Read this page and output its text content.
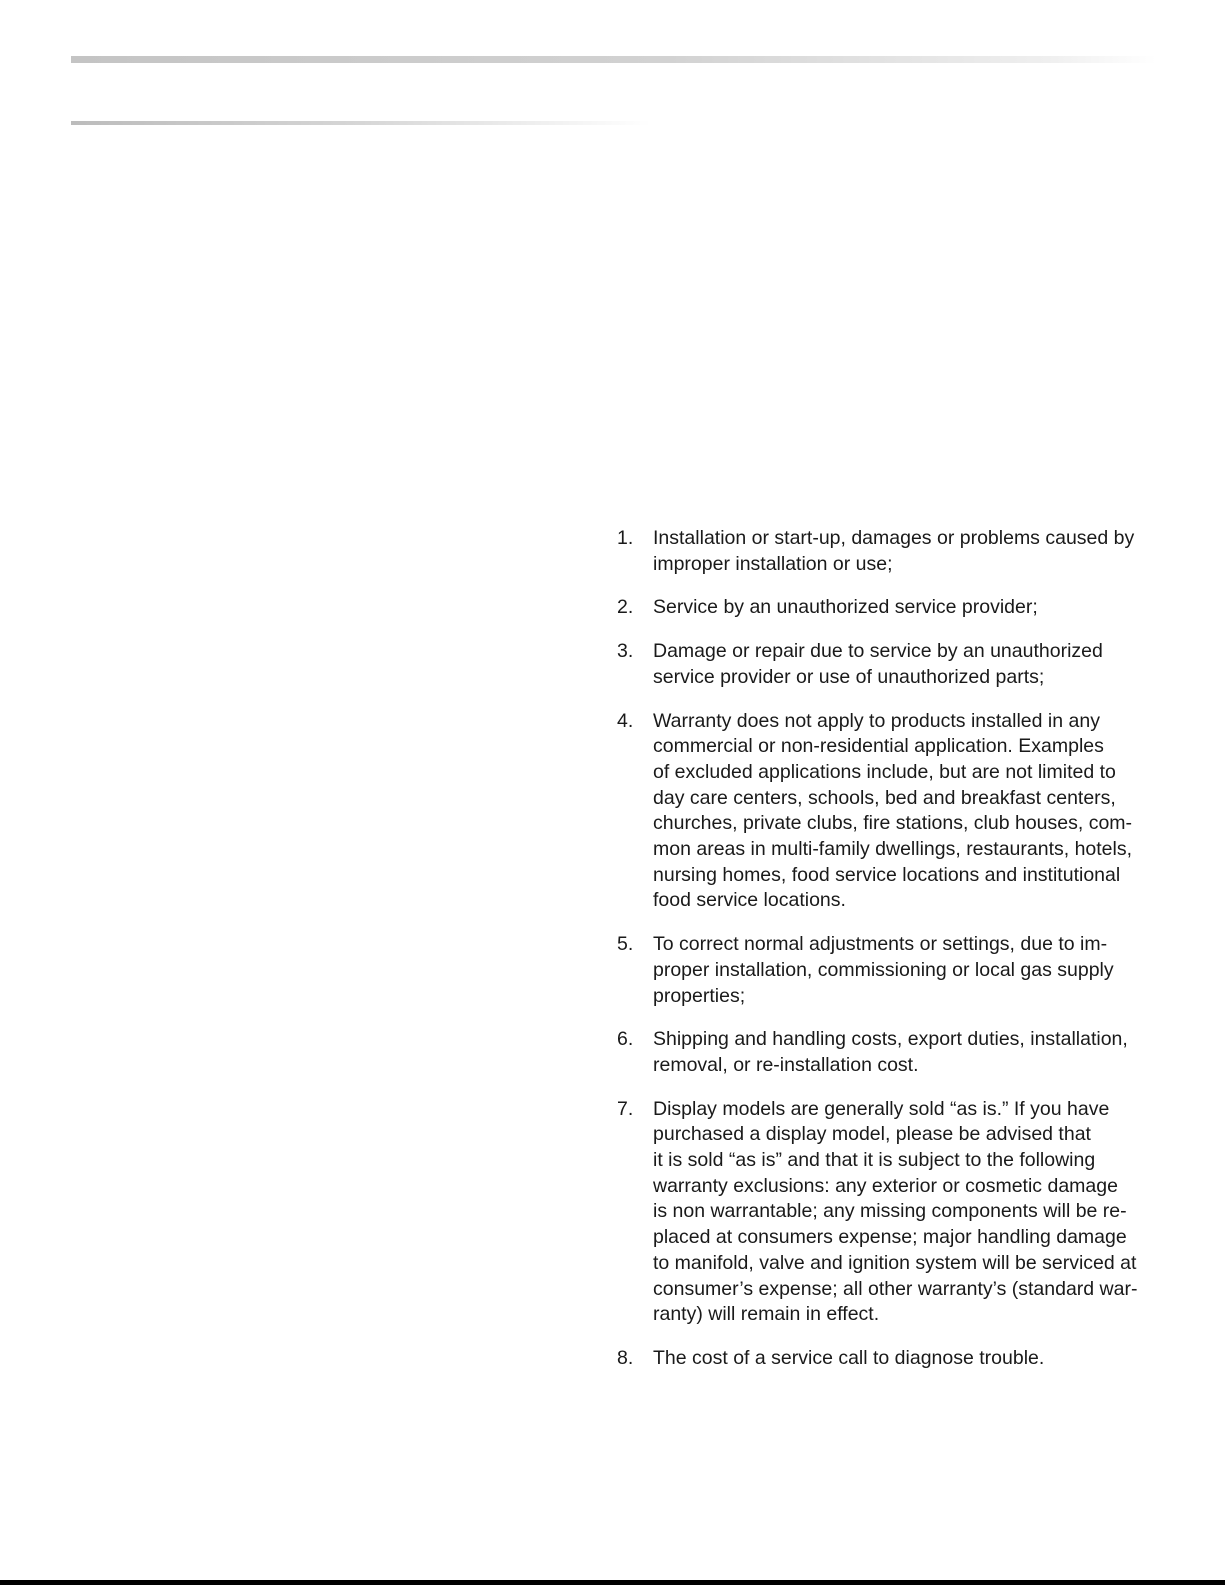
1.	Installation or start-up, damages or problems caused by
improper installation or use;
2.	Service by an unauthorized service provider;
3.	Damage or repair due to service by an unauthorized
service provider or use of unauthorized parts;
4.	Warranty does not apply to products installed in any
commercial or non-residential application. Examples
of excluded applications include, but are not limited to
day care centers, schools, bed and breakfast centers,
churches, private clubs, fire stations, club houses, com-
mon areas in multi-family dwellings, restaurants, hotels,
nursing homes, food service locations and institutional
food service locations.
5.	To correct normal adjustments or settings, due to im-
proper installation, commissioning or local gas supply
properties;
6.	Shipping and handling costs, export duties, installation,
removal, or re-installation cost.
7.	Display models are generally sold “as is.” If you have
purchased a display model, please be advised that
it is sold “as is” and that it is subject to the following
warranty exclusions: any exterior or cosmetic damage
is non warrantable; any missing components will be re-
placed at consumers expense; major handling damage
to manifold, valve and ignition system will be serviced at
consumer’s expense; all other warranty’s (standard war-
ranty) will remain in effect.
8.	The cost of a service call to diagnose trouble.
